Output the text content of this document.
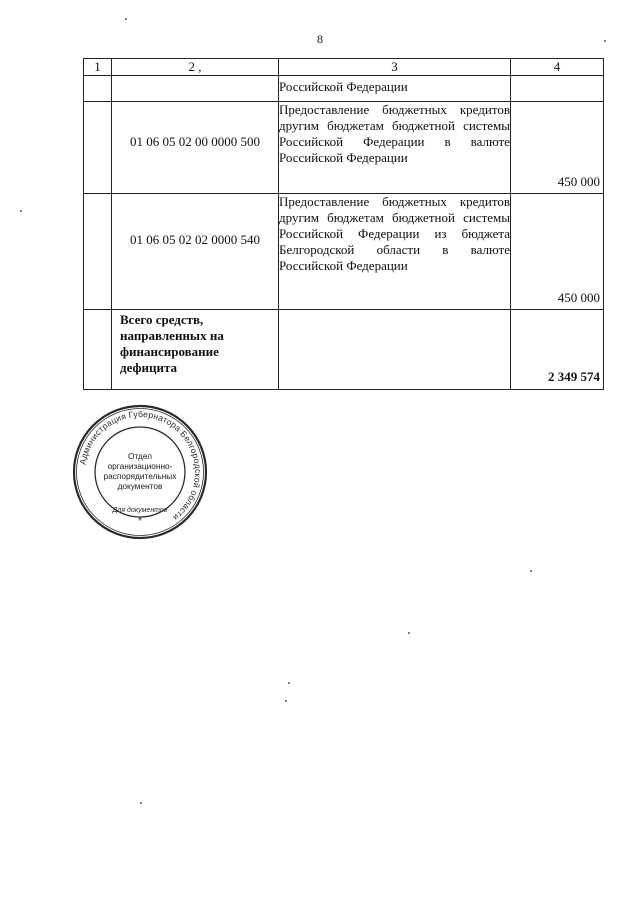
8
1	2 ,	3	4
		Российской Федерации	
	01 06 05 02 00 0000 500	Предоставление бюджетных кредитов другим бюджетам бюджетной системы Российской Федерации в валюте Российской Федерации	450 000
	01 06 05 02 02 0000 540	Предоставление бюджетных кредитов другим бюджетам бюджетной системы Российской Федерации из бюджета Белгородской области в валюте Российской Федерации	450 000
	Всего средств, направленных на финансирование дефицита		2 349 574
Администрация Губернатора Белгородской области
Отдел
организационно-
распорядительных
документов
Для документов
*
